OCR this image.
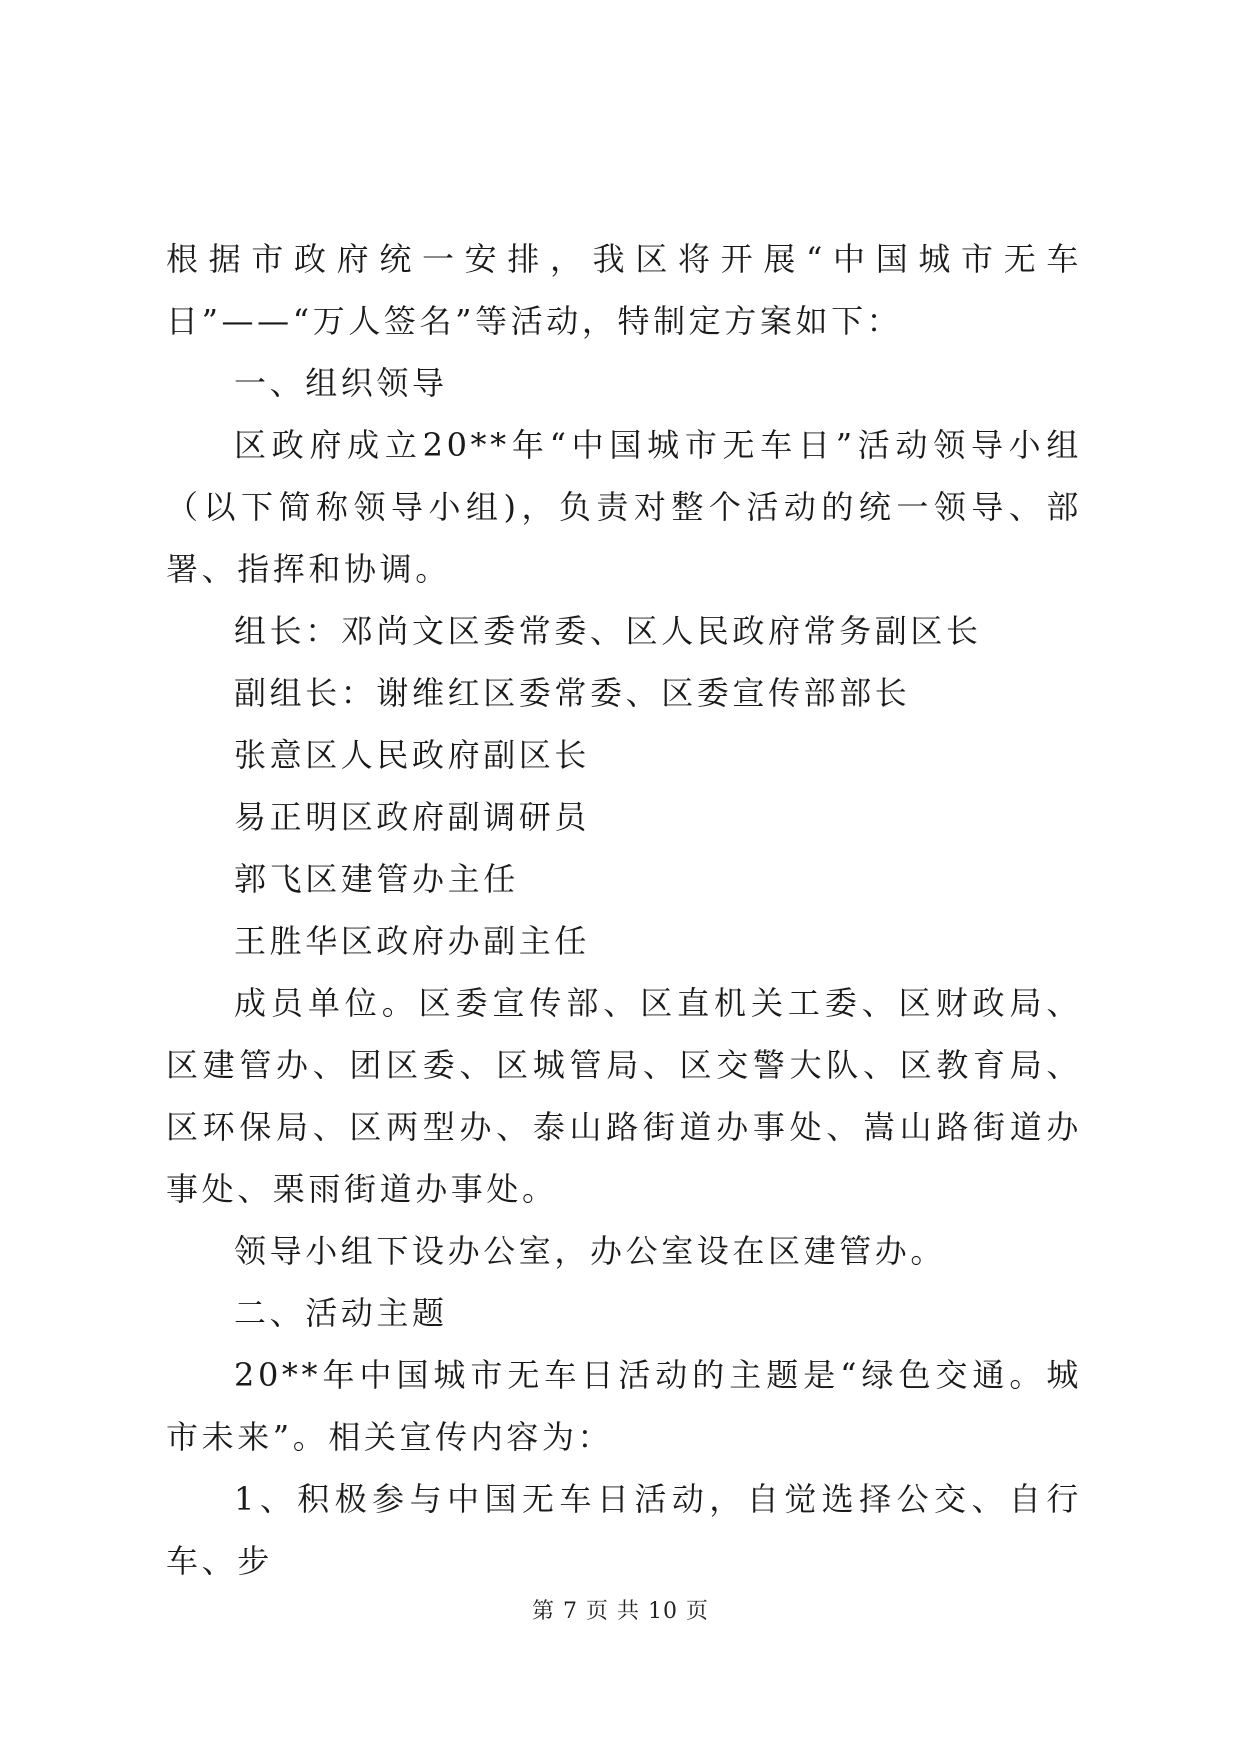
根据市政府统一安排，我区将开展“中国城市无车日”——“万人签名”等活动，特制定方案如下：

一、组织领导

区政府成立20**年“中国城市无车日”活动领导小组（以下简称领导小组)，负责对整个活动的统一领导、部署、指挥和协调。

组长：邓尚文区委常委、区人民政府常务副区长

副组长：谢维红区委常委、区委宣传部部长

张意区人民政府副区长

易正明区政府副调研员

郭飞区建管办主任

王胜华区政府办副主任

成员单位。区委宣传部、区直机关工委、区财政局、区建管办、团区委、区城管局、区交警大队、区教育局、区环保局、区两型办、泰山路街道办事处、嵩山路街道办事处、栗雨街道办事处。

领导小组下设办公室，办公室设在区建管办。

二、活动主题

20**年中国城市无车日活动的主题是“绿色交通。城市未来”。相关宣传内容为：

1、积极参与中国无车日活动，自觉选择公交、自行车、步

第 7 页 共 10 页
